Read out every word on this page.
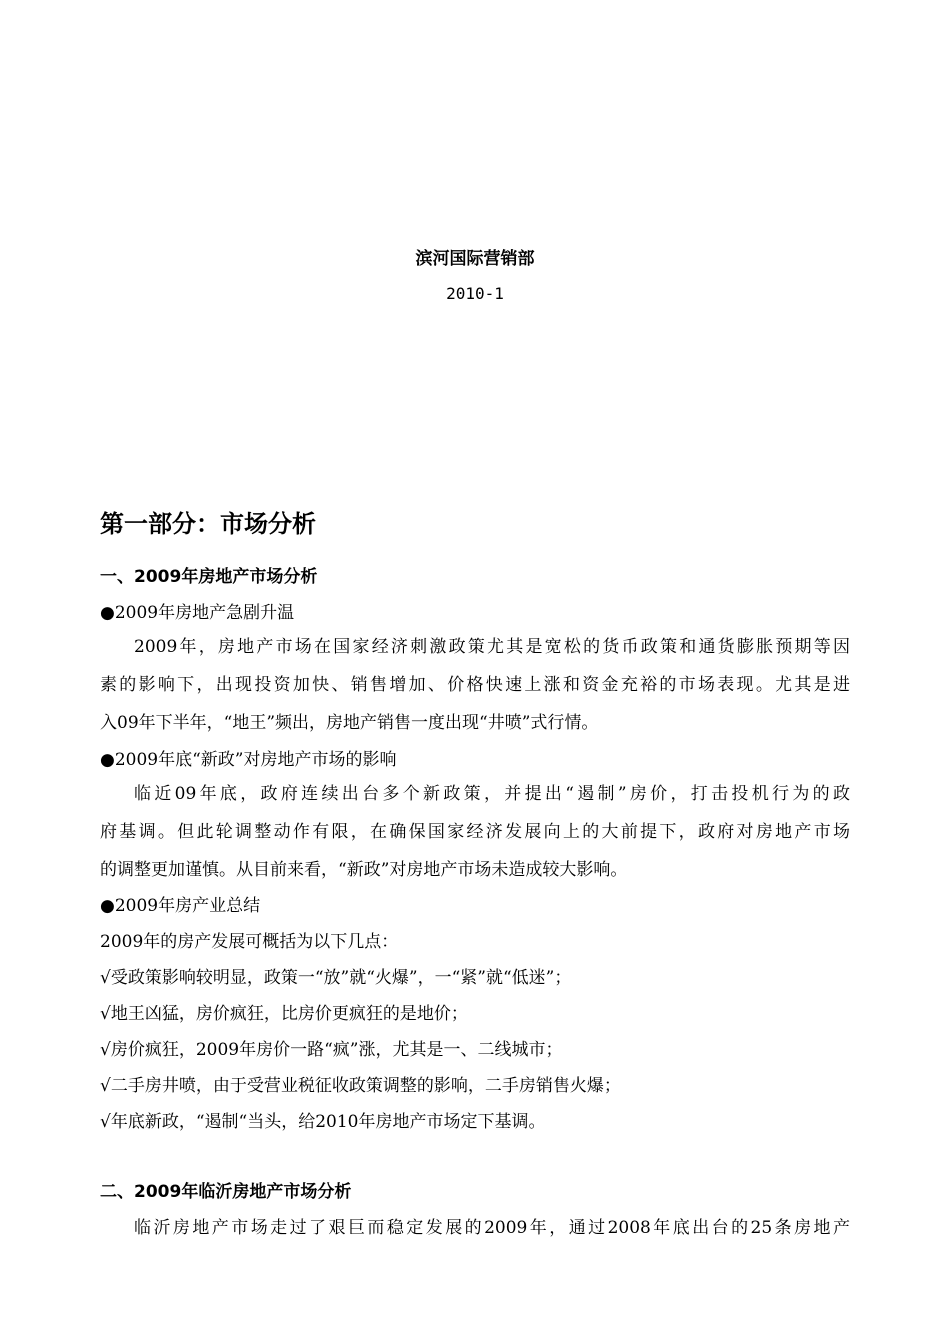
滨河国际营销部
2010-1
第一部分：市场分析
一、2009年房地产市场分析
●2009年房地产急剧升温
2009年，房地产市场在国家经济刺激政策尤其是宽松的货币政策和通货膨胀预期等因
素的影响下，出现投资加快、销售增加、价格快速上涨和资金充裕的市场表现。尤其是进
入09年下半年，“地王”频出，房地产销售一度出现“井喷”式行情。
●2009年底“新政”对房地产市场的影响
临近09年底，政府连续出台多个新政策，并提出“遏制”房价，打击投机行为的政
府基调。但此轮调整动作有限，在确保国家经济发展向上的大前提下，政府对房地产市场
的调整更加谨慎。从目前来看，“新政”对房地产市场未造成较大影响。
●2009年房产业总结
2009年的房产发展可概括为以下几点：
√受政策影响较明显，政策一“放”就“火爆”，一“紧”就“低迷”；
√地王凶猛，房价疯狂，比房价更疯狂的是地价；
√房价疯狂，2009年房价一路“疯”涨，尤其是一、二线城市；
√二手房井喷，由于受营业税征收政策调整的影响，二手房销售火爆；
√年底新政，“遏制“当头，给2010年房地产市场定下基调。
二、2009年临沂房地产市场分析
临沂房地产市场走过了艰巨而稳定发展的2009年，通过2008年底出台的25条房地产
